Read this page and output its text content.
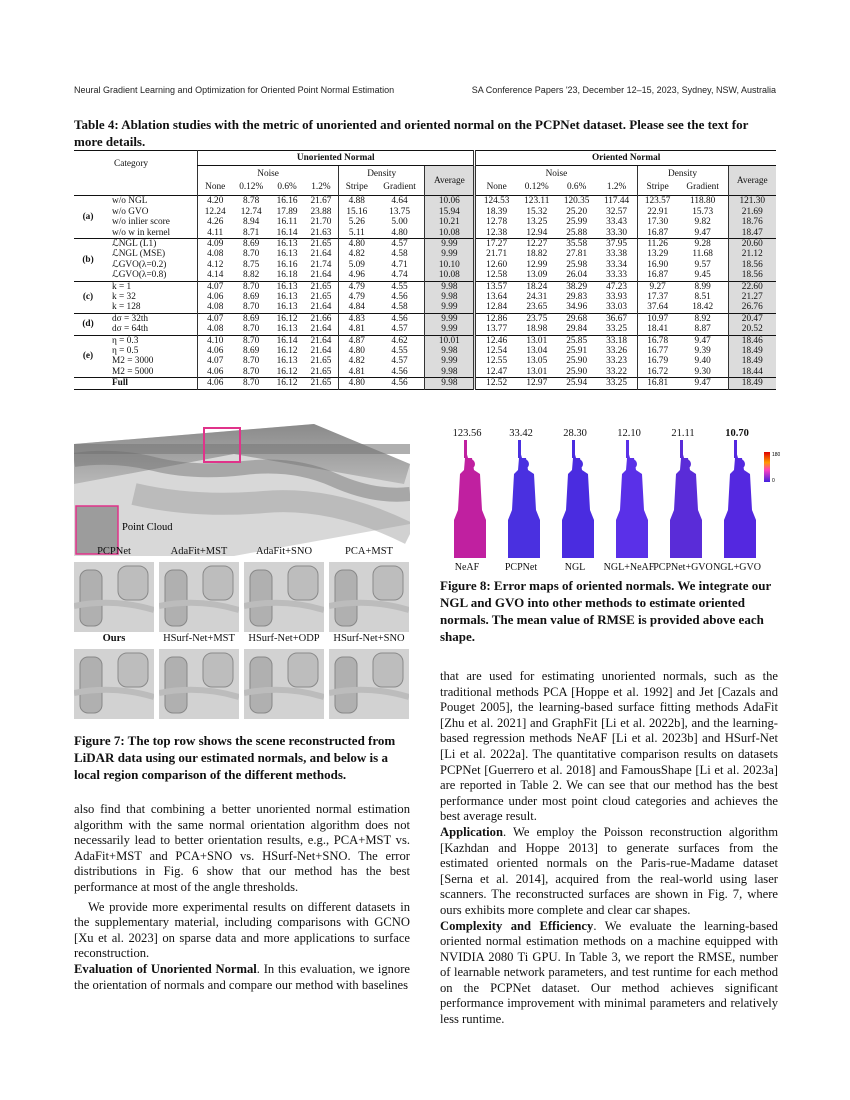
Neural Gradient Learning and Optimization for Oriented Point Normal Estimation	SA Conference Papers '23, December 12–15, 2023, Sydney, NSW, Australia
Table 4: Ablation studies with the metric of unoriented and oriented normal on the PCPNet dataset. Please see the text for more details.
Category		Unoriented Normal							Oriented Normal						
		Noise				Density		Average	Noise				Density		Average
		None	0.12%	0.6%	1.2%	Stripe	Gradient		None	0.12%	0.6%	1.2%	Stripe	Gradient	
(a)	w/o NGL	4.20	8.78	16.16	21.67	4.88	4.64	10.06	124.53	123.11	120.35	117.44	123.57	118.80	121.30
	w/o GVO	12.24	12.74	17.89	23.88	15.16	13.75	15.94	18.39	15.32	25.20	32.57	22.91	15.73	21.69
	w/o inlier score	4.26	8.94	16.11	21.70	5.26	5.00	10.21	12.78	13.25	25.99	33.43	17.30	9.82	18.76
	w/o w in kernel	4.11	8.71	16.14	21.63	5.11	4.80	10.08	12.38	12.94	25.88	33.30	16.87	9.47	18.47
(b)	ℒNGL (L1)	4.09	8.69	16.13	21.65	4.80	4.57	9.99	17.27	12.27	35.58	37.95	11.26	9.28	20.60
	ℒNGL (MSE)	4.08	8.70	16.13	21.64	4.82	4.58	9.99	21.71	18.82	27.81	33.38	13.29	11.68	21.12
	ℒGVO(λ=0.2)	4.12	8.75	16.16	21.74	5.09	4.71	10.10	12.60	12.99	25.98	33.34	16.90	9.57	18.56
	ℒGVO(λ=0.8)	4.14	8.82	16.18	21.64	4.96	4.74	10.08	12.58	13.09	26.04	33.33	16.87	9.45	18.56
(c)	k = 1	4.07	8.70	16.13	21.65	4.79	4.55	9.98	13.57	18.24	38.29	47.23	9.27	8.99	22.60
	k = 32	4.06	8.69	16.13	21.65	4.79	4.56	9.98	13.64	24.31	29.83	33.93	17.37	8.51	21.27
	k = 128	4.08	8.70	16.13	21.64	4.84	4.58	9.99	12.84	23.65	34.96	33.03	37.64	18.42	26.76
(d)	dσ = 32th	4.07	8.69	16.12	21.66	4.83	4.56	9.99	12.86	23.75	29.68	36.67	10.97	8.92	20.47
	dσ = 64th	4.08	8.70	16.13	21.64	4.81	4.57	9.99	13.77	18.98	29.84	33.25	18.41	8.87	20.52
(e)	η = 0.3	4.10	8.70	16.14	21.64	4.87	4.62	10.01	12.46	13.01	25.85	33.18	16.78	9.47	18.46
	η = 0.5	4.06	8.69	16.12	21.64	4.80	4.55	9.98	12.54	13.04	25.91	33.26	16.77	9.39	18.49
	M2 = 3000	4.07	8.70	16.13	21.65	4.82	4.57	9.99	12.55	13.05	25.90	33.23	16.79	9.40	18.49
	M2 = 5000	4.06	8.70	16.12	21.65	4.81	4.56	9.98	12.47	13.01	25.90	33.22	16.72	9.30	18.44
	Full	4.06	8.70	16.12	21.65	4.80	4.56	9.98	12.52	12.97	25.94	33.25	16.81	9.47	18.49
Point Cloud
PCPNet	AdaFit+MST	AdaFit+SNO	PCA+MST
Ours	HSurf-Net+MST	HSurf-Net+ODP	HSurf-Net+SNO
Figure 7: The top row shows the scene reconstructed from LiDAR data using our estimated normals, and below is a local region comparison of the different methods.
123.56	33.42	28.30	12.10	21.11	10.70
180
0
NeAF	PCPNet	NGL	NGL+NeAF
PCPNet+GVO NGL+GVO
Figure 8: Error maps of oriented normals. We integrate our NGL and GVO into other methods to estimate oriented normals. The mean value of RMSE is provided above each shape.

also find that combining a better unoriented normal estimation algorithm with the same normal orientation algorithm does not necessarily lead to better orientation results, e.g., PCA+MST vs. AdaFit+MST and PCA+SNO vs. HSurf-Net+SNO. The error distributions in Fig. 6 show that our method has the best performance at most of the angle thresholds.

We provide more experimental results on different datasets in the supplementary material, including comparisons with GCNO [Xu et al. 2023] on sparse data and more applications to surface reconstruction.

Evaluation of Unoriented Normal. In this evaluation, we ignore the orientation of normals and compare our method with baselines

that are used for estimating unoriented normals, such as the traditional methods PCA [Hoppe et al. 1992] and Jet [Cazals and Pouget 2005], the learning-based surface fitting methods AdaFit [Zhu et al. 2021] and GraphFit [Li et al. 2022b], and the learning-based regression methods NeAF [Li et al. 2023b] and HSurf-Net [Li et al. 2022a]. The quantitative comparison results on datasets PCPNet [Guerrero et al. 2018] and FamousShape [Li et al. 2023a] are reported in Table 2. We can see that our method has the best performance under most point cloud categories and achieves the best average result.

Application. We employ the Poisson reconstruction algorithm [Kazhdan and Hoppe 2013] to generate surfaces from the estimated oriented normals on the Paris-rue-Madame dataset [Serna et al. 2014], acquired from the real-world using laser scanners. The reconstructed surfaces are shown in Fig. 7, where ours exhibits more complete and clear car shapes.

Complexity and Efficiency. We evaluate the learning-based oriented normal estimation methods on a machine equipped with NVIDIA 2080 Ti GPU. In Table 3, we report the RMSE, number of learnable network parameters, and test runtime for each method on the PCPNet dataset. Our method achieves significant performance improvement with minimal parameters and relatively less runtime.
